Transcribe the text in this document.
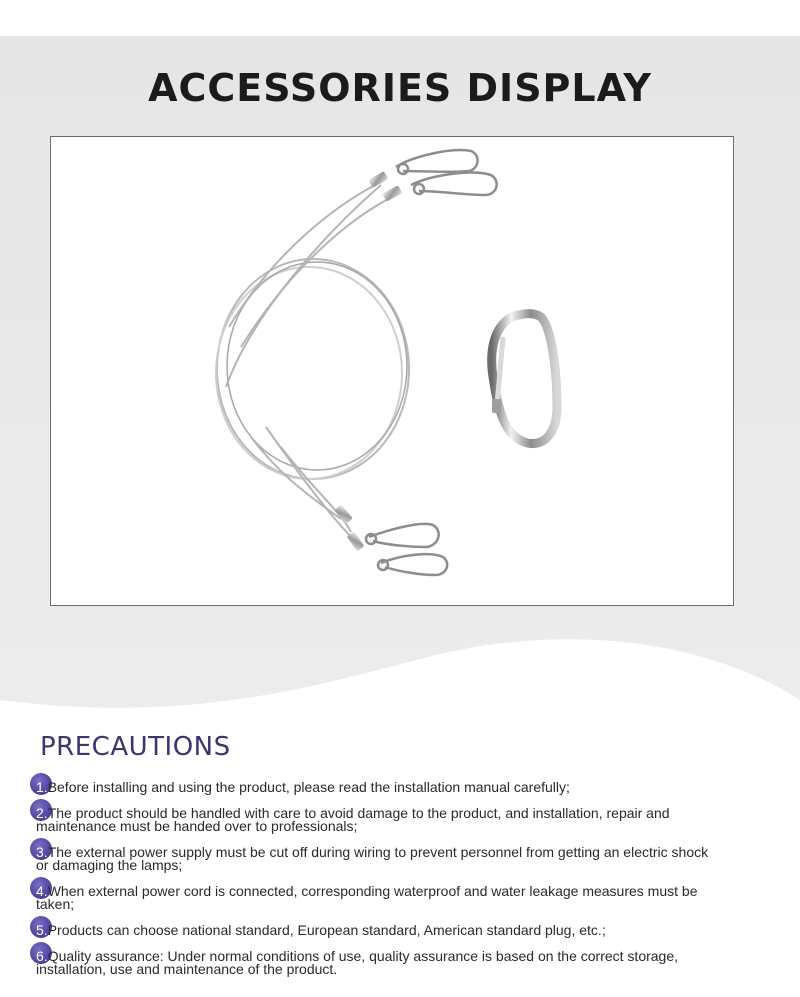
ACCESSORIES DISPLAY
PRECAUTIONS
1.Before installing and using the product, please read the installation manual carefully;
2.The product should be handled with care to avoid damage to the product, and installation, repair and maintenance must be handed over to professionals;
3.The external power supply must be cut off during wiring to prevent personnel from getting an electric shock or damaging the lamps;
4.When external power cord is connected, corresponding waterproof and water leakage measures must be taken;
5.Products can choose national standard, European standard, American standard plug, etc.;
6.Quality assurance: Under normal conditions of use, quality assurance is based on the correct storage, installation, use and maintenance of the product.
